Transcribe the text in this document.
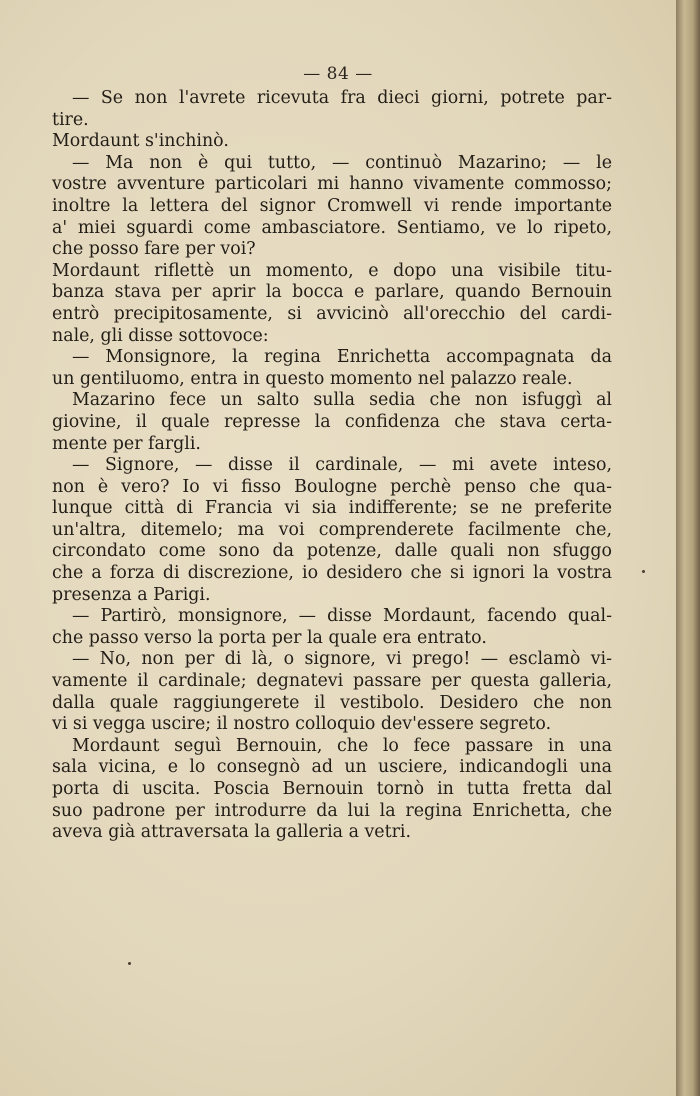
— 84 —
— Se non l'avrete ricevuta fra dieci giorni, potrete par-
tire.
Mordaunt s'inchinò.
— Ma non è qui tutto, — continuò Mazarino; — le
vostre avventure particolari mi hanno vivamente commosso;
inoltre la lettera del signor Cromwell vi rende importante
a' miei sguardi come ambasciatore. Sentiamo, ve lo ripeto,
che posso fare per voi?
Mordaunt riflettè un momento, e dopo una visibile titu-
banza stava per aprir la bocca e parlare, quando Bernouin
entrò precipitosamente, si avvicinò all'orecchio del cardi-
nale, gli disse sottovoce:
— Monsignore, la regina Enrichetta accompagnata da
un gentiluomo, entra in questo momento nel palazzo reale.
Mazarino fece un salto sulla sedia che non isfuggì al
giovine, il quale represse la confidenza che stava certa-
mente per fargli.
— Signore, — disse il cardinale, — mi avete inteso,
non è vero? Io vi fisso Boulogne perchè penso che qua-
lunque città di Francia vi sia indifferente; se ne preferite
un'altra, ditemelo; ma voi comprenderete facilmente che,
circondato come sono da potenze, dalle quali non sfuggo
che a forza di discrezione, io desidero che si ignori la vostra
presenza a Parigi.
— Partirò, monsignore, — disse Mordaunt, facendo qual-
che passo verso la porta per la quale era entrato.
— No, non per di là, o signore, vi prego! — esclamò vi-
vamente il cardinale; degnatevi passare per questa galleria,
dalla quale raggiungerete il vestibolo. Desidero che non
vi si vegga uscire; il nostro colloquio dev'essere segreto.
Mordaunt seguì Bernouin, che lo fece passare in una
sala vicina, e lo consegnò ad un usciere, indicandogli una
porta di uscita. Poscia Bernouin tornò in tutta fretta dal
suo padrone per introdurre da lui la regina Enrichetta, che
aveva già attraversata la galleria a vetri.
